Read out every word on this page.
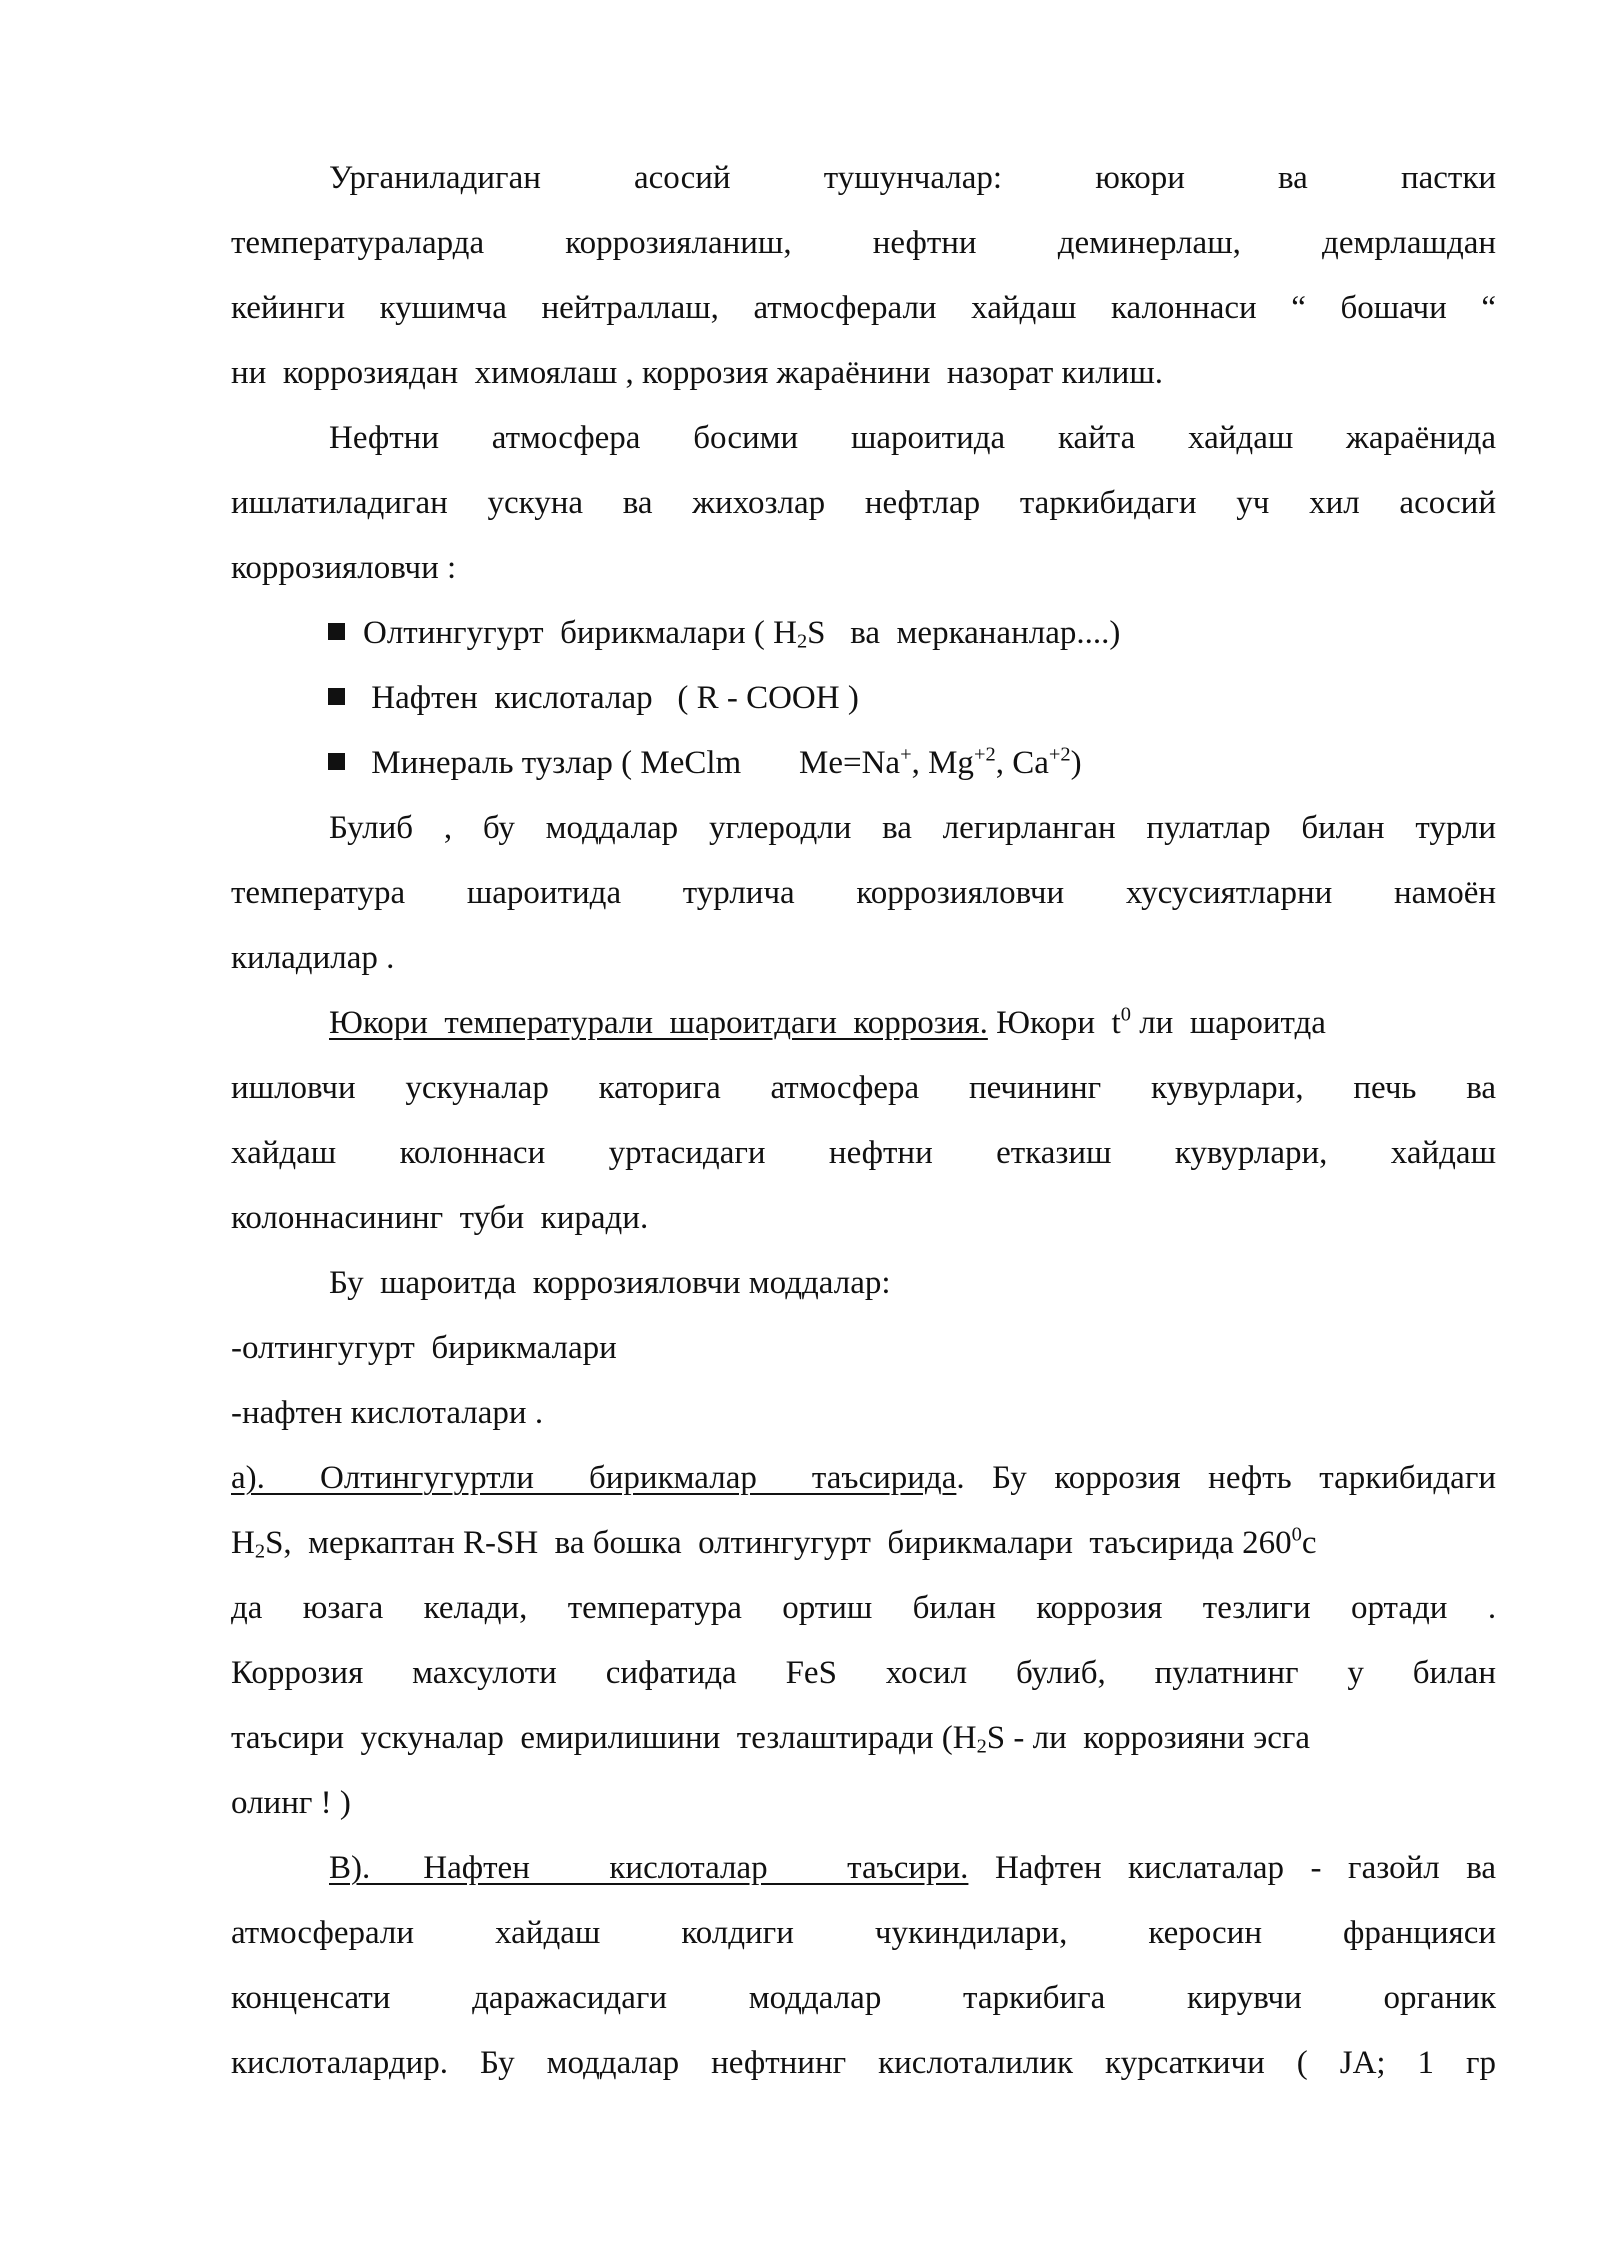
Урганиладиган	асосий	тушунчалар:	юкори	ва	пастки
температураларда коррозияланиш, нефтни деминерлаш, демрлашдан
кейинги кушимча нейтраллаш, атмосферали хайдаш калоннаси “ бошачи “
ни  коррозиядан  химоялаш , коррозия жараёнини  назорат килиш.
Нефтни атмосфера босими шароитида кайта хайдаш жараёнида
ишлатиладиган ускуна ва жихозлар нефтлар таркибидаги уч хил асосий
коррозияловчи :
Олтингугурт  бирикмалари ( $H_2S$   ва  меркананлар....)
Нафтен  кислоталар   ( R - COOH )
Минераль тузлар ( MeClm       Me=Na+, $Mg^{+2}$, $Ca^{+2}$)
Булиб , бу моддалар углеродли ва легирланган пулатлар билан турли
температура шароитида турлича коррозияловчи хусусиятларни намоён
киладилар .
Юкори  температурали  шароитдаги  коррозия. Юкори  $t^0$ ли  шароитда
ишловчи ускуналар каторига атмосфера печининг кувурлари, печь ва
хайдаш колоннаси уртасидаги нефтни етказиш кувурлари, хайдаш
колоннасининг  туби  киради.
Бу  шароитда  коррозияловчи моддалар:
-олтингугурт  бирикмалари
-нафтен кислоталари .
а).  Олтингугуртли  бирикмалар  таъсирида. Бу коррозия нефть таркибидаги
$H_2S$,  меркаптан R-SH  ва бошка  олтингугурт  бирикмалари  таъсирида $260^0с$
да юзага келади, температура ортиш билан коррозия тезлиги ортади .
Коррозия махсулоти сифатида FeS хосил булиб, пулатнинг у билан
таъсири  ускуналар  емирилишини  тезлаштиради ($H_2S$ - ли  коррозияни эсга
олинг ! )
В).  Нафтен   кислоталар   таъсири. Нафтен кислаталар - газойл ва
атмосферали хайдаш колдиги чукиндилари, керосин францияси
конценсати даражасидаги моддалар таркибига кирувчи органик
кислоталардир. Бу моддалар нефтнинг кислоталилик курсаткичи ( JA; 1 гр
